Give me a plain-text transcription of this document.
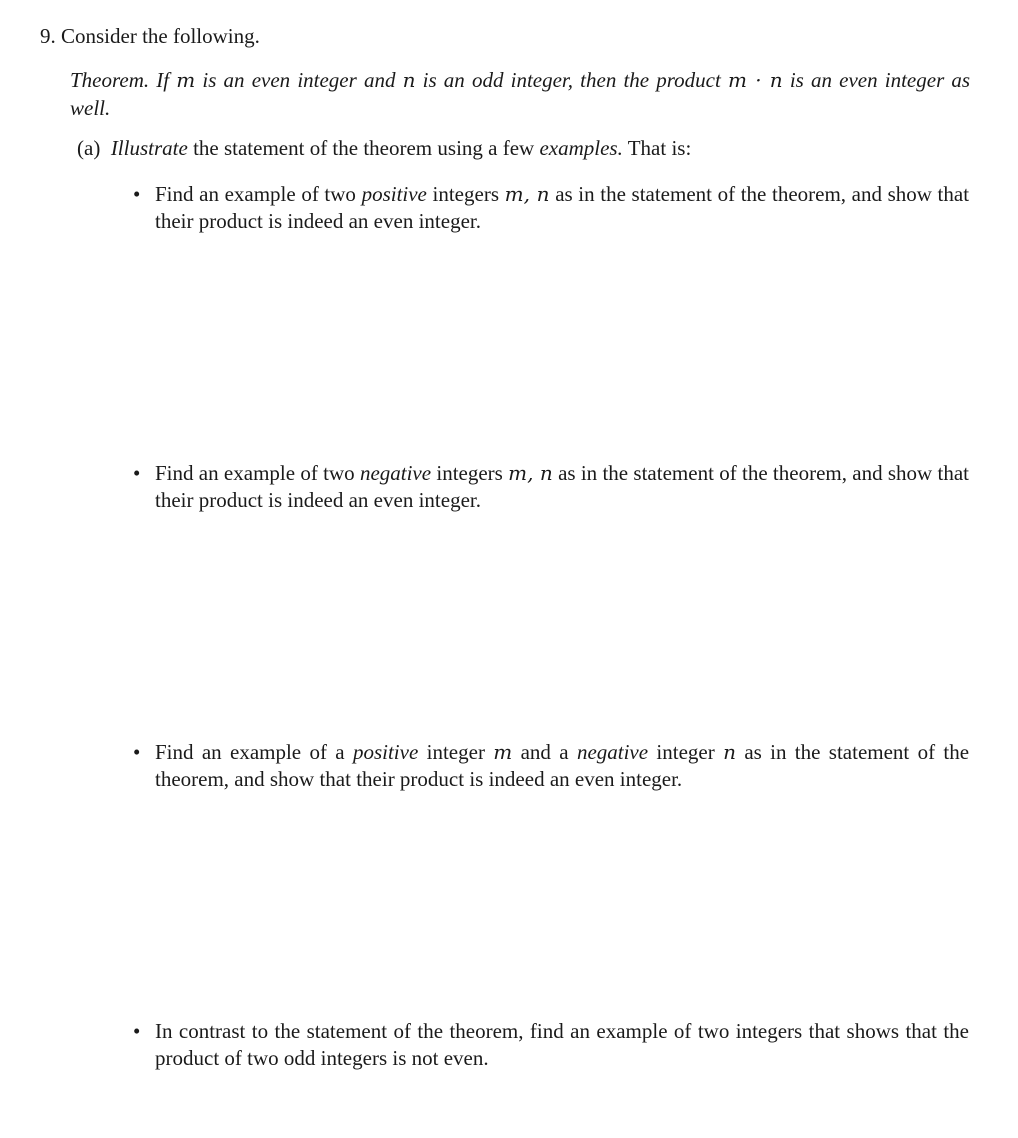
9. Consider the following.
Theorem. If m is an even integer and n is an odd integer, then the product m · n is an even integer as well.
(a) Illustrate the statement of the theorem using a few examples. That is:
• Find an example of two positive integers m, n as in the statement of the theorem, and show that their product is indeed an even integer.
• Find an example of two negative integers m, n as in the statement of the theorem, and show that their product is indeed an even integer.
• Find an example of a positive integer m and a negative integer n as in the statement of the theorem, and show that their product is indeed an even integer.
• In contrast to the statement of the theorem, find an example of two integers that shows that the product of two odd integers is not even.
